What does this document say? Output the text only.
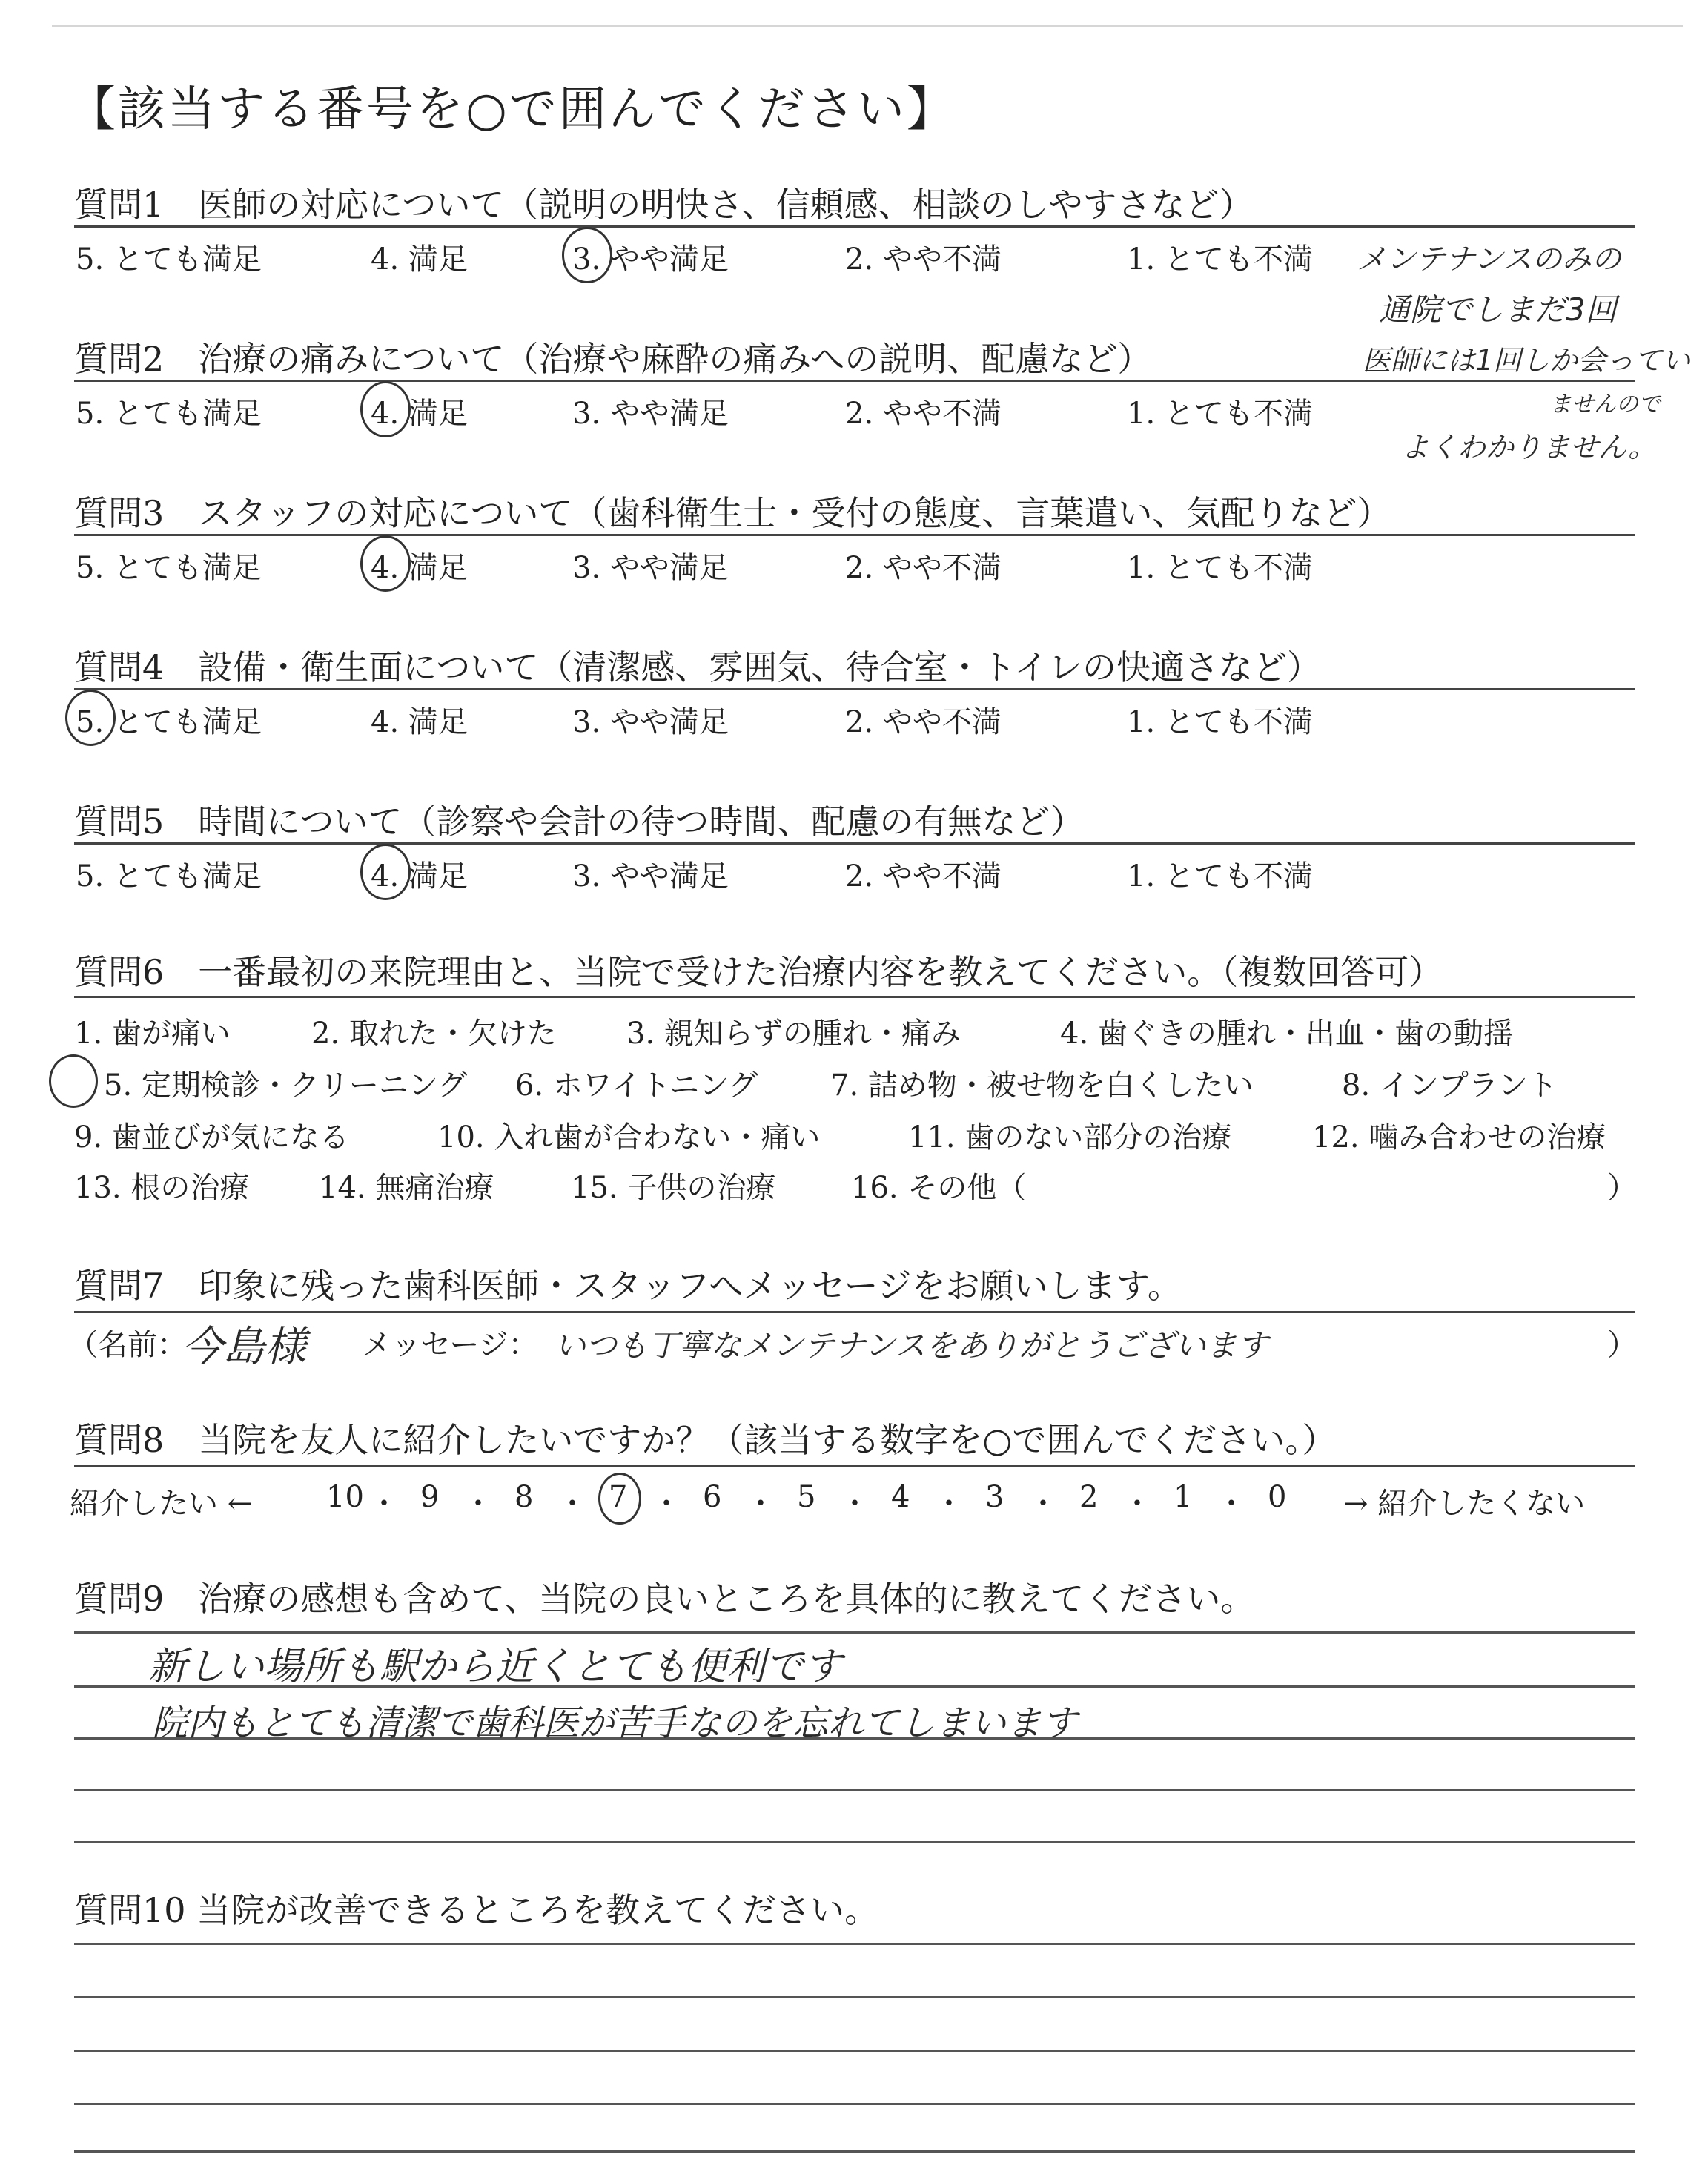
【該当する番号を○で囲んでください】
質問1　医師の対応について（説明の明快さ、信頼感、相談のしやすさなど）
5. とても満足	4. 満足	3. やや満足	2. やや不満	1. とても不満
質問2　治療の痛みについて（治療や麻酔の痛みへの説明、配慮など）
5. とても満足	4. 満足	3. やや満足	2. やや不満	1. とても不満
質問3　スタッフの対応について（歯科衛生士・受付の態度、言葉遣い、気配りなど）
5. とても満足	4. 満足	3. やや満足	2. やや不満	1. とても不満
質問4　設備・衛生面について（清潔感、雰囲気、待合室・トイレの快適さなど）
5. とても満足	4. 満足	3. やや満足	2. やや不満	1. とても不満
質問5　時間について（診察や会計の待つ時間、配慮の有無など）
5. とても満足	4. 満足	3. やや満足	2. やや不満	1. とても不満
メンテナンスのみの
通院でしまだ3回
医師には1回しか会ってい
ませんので
よくわかりません。
質問6　一番最初の来院理由と、当院で受けた治療内容を教えてください。（複数回答可）
1. 歯が痛い	2. 取れた・欠けた 3. 親知らずの腫れ・痛み	4. 歯ぐきの腫れ・出血・歯の動揺
5. 定期検診・クリーニング 6. ホワイトニング 7. 詰め物・被せ物を白くしたい	8. インプラント
9. 歯並びが気になる	10. 入れ歯が合わない・痛い	11. 歯のない部分の治療	12. 噛み合わせの治療
13. 根の治療 14. 無痛治療	15. 子供の治療	16. その他（	）
質問7　印象に残った歯科医師・スタッフへメッセージをお願いします。
（名前：
今島様 メッセージ： いつも丁寧なメンテナンスをありがとうございます	）
質問8　当院を友人に紹介したいですか？（該当する数字を○で囲んでください。）
紹介したい ← 10 ・ 9 ・ 8 ・ 7 ・ 6 ・ 5 ・ 4 ・ 3 ・ 2 ・ 1 ・ 0 → 紹介したくない
質問9　治療の感想も含めて、当院の良いところを具体的に教えてください。
新しい場所も駅から近くとても便利です
院内もとても清潔で歯科医が苦手なのを忘れてしまいます
質問10 当院が改善できるところを教えてください。
